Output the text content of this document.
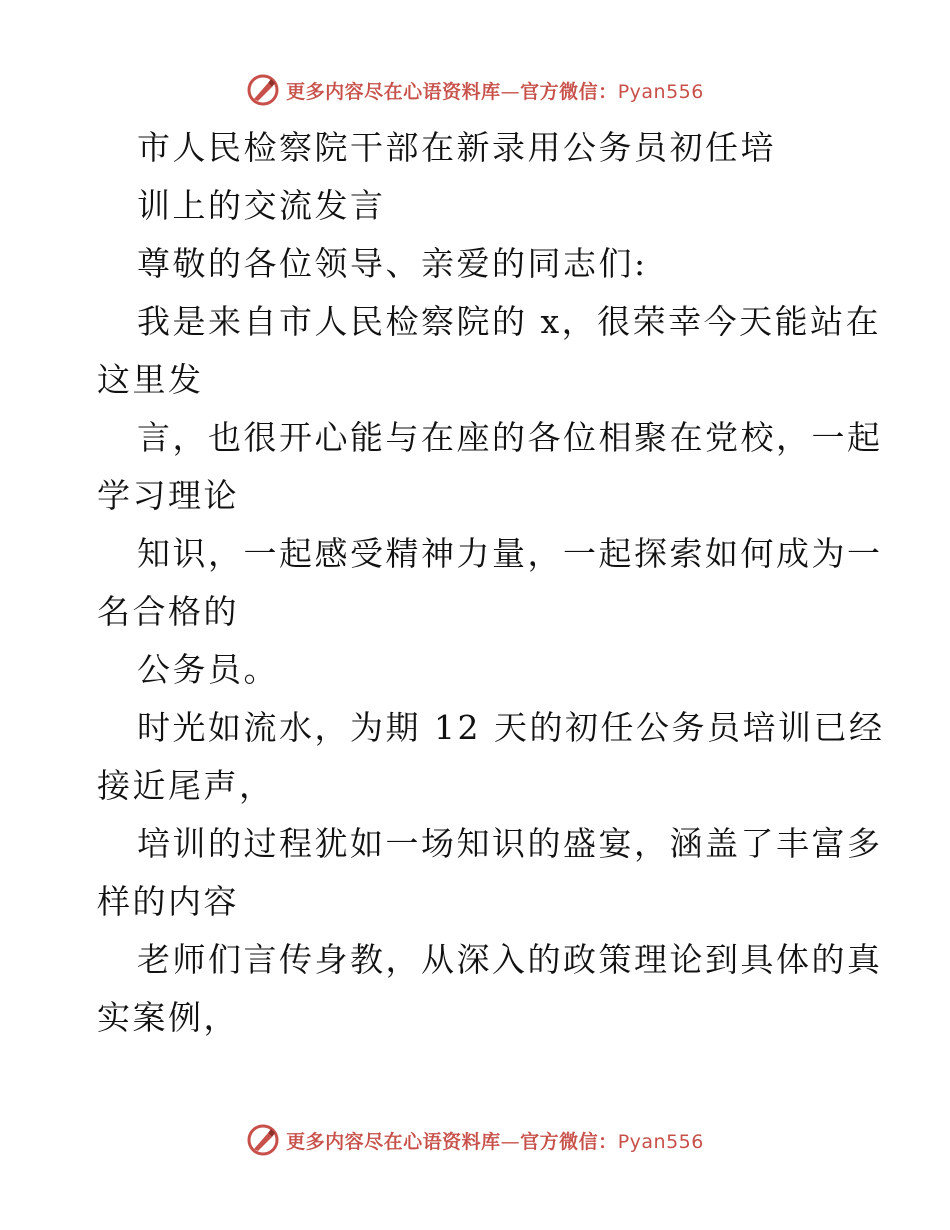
更多内容尽在心语资料库—官方微信：Pyan556
市人民检察院干部在新录用公务员初任培
训上的交流发言
尊敬的各位领导、亲爱的同志们:
我是来自市人民检察院的 x，很荣幸今天能站在
这里发
言，也很开心能与在座的各位相聚在党校，一起
学习理论
知识，一起感受精神力量，一起探索如何成为一
名合格的
公务员。
时光如流水，为期 12 天的初任公务员培训已经
接近尾声，
培训的过程犹如一场知识的盛宴，涵盖了丰富多
样的内容
老师们言传身教，从深入的政策理论到具体的真
实案例，
更多内容尽在心语资料库—官方微信：Pyan556
